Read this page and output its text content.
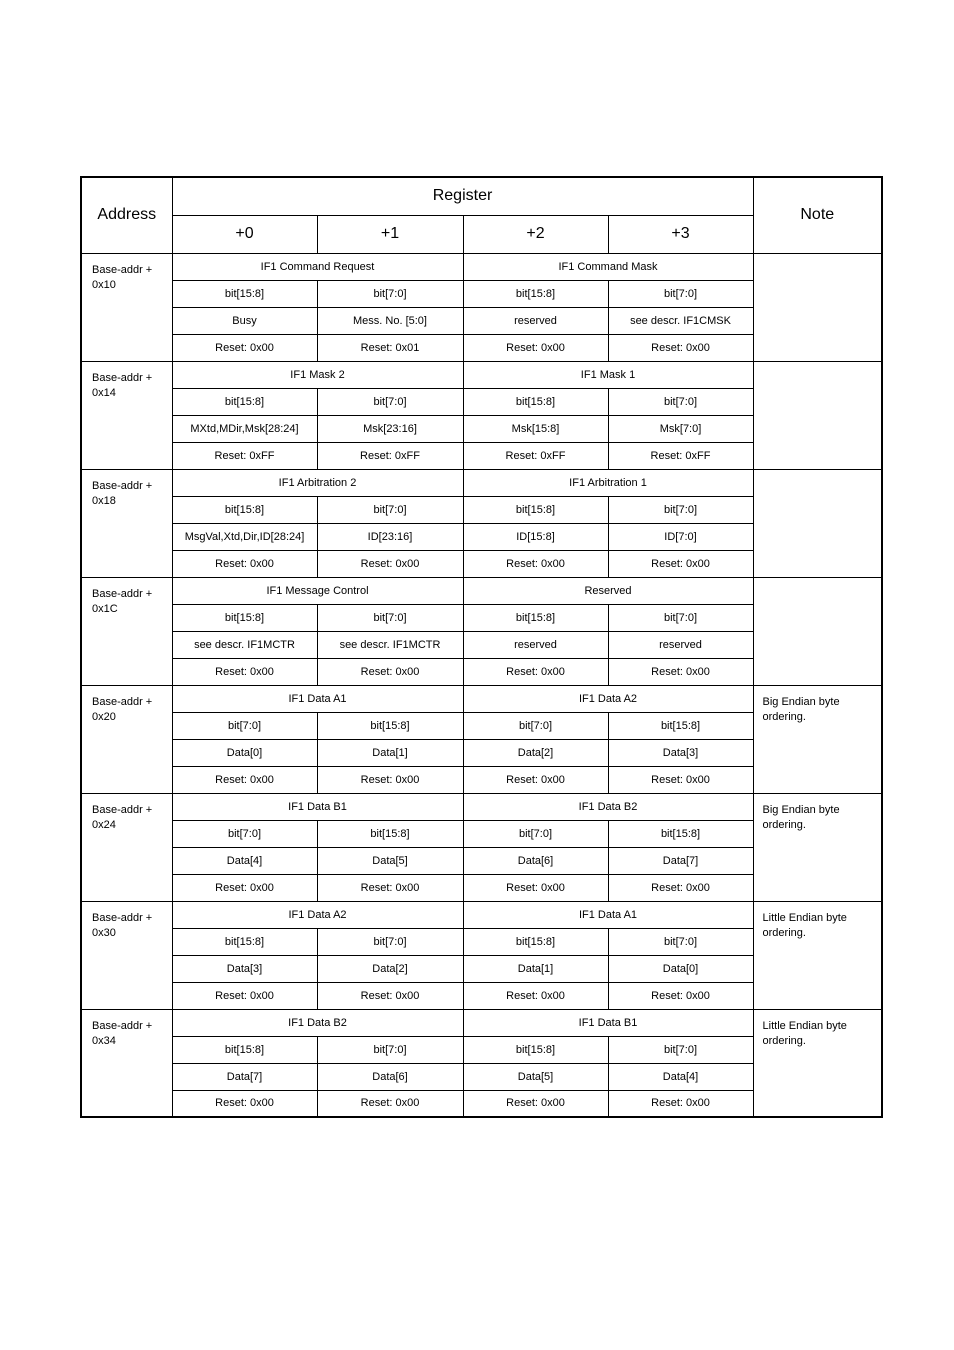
Address	Register				Note
	+0	+1	+2	+3	

Base-addr +
0x10	IF1 Command Request		IF1 Command Mask		
	bit[15:8]	bit[7:0]	bit[15:8]	bit[7:0]	
	Busy	Mess. No. [5:0]	reserved	see descr. IF1CMSK	
	Reset: 0x00	Reset: 0x01	Reset: 0x00	Reset: 0x00	

Base-addr +
0x14	IF1 Mask 2		IF1 Mask 1		
	bit[15:8]	bit[7:0]	bit[15:8]	bit[7:0]	
	MXtd,MDir,Msk[28:24]	Msk[23:16]	Msk[15:8]	Msk[7:0]	
	Reset: 0xFF	Reset: 0xFF	Reset: 0xFF	Reset: 0xFF	

Base-addr +
0x18	IF1 Arbitration 2		IF1 Arbitration 1		
	bit[15:8]	bit[7:0]	bit[15:8]	bit[7:0]	
	MsgVal,Xtd,Dir,ID[28:24]	ID[23:16]	ID[15:8]	ID[7:0]	
	Reset: 0x00	Reset: 0x00	Reset: 0x00	Reset: 0x00	

Base-addr +
0x1C	IF1 Message Control		Reserved		
	bit[15:8]	bit[7:0]	bit[15:8]	bit[7:0]	
	see descr. IF1MCTR	see descr. IF1MCTR	reserved	reserved	
	Reset: 0x00	Reset: 0x00	Reset: 0x00	Reset: 0x00	

Base-addr +
0x20	IF1 Data A1		IF1 Data A2		Big Endian byte ordering.
	bit[7:0]	bit[15:8]	bit[7:0]	bit[15:8]	
	Data[0]	Data[1]	Data[2]	Data[3]	
	Reset: 0x00	Reset: 0x00	Reset: 0x00	Reset: 0x00	

Base-addr +
0x24	IF1 Data B1		IF1 Data B2		Big Endian byte ordering.
	bit[7:0]	bit[15:8]	bit[7:0]	bit[15:8]	
	Data[4]	Data[5]	Data[6]	Data[7]	
	Reset: 0x00	Reset: 0x00	Reset: 0x00	Reset: 0x00	

Base-addr +
0x30	IF1 Data A2		IF1 Data A1		Little Endian byte ordering.
	bit[15:8]	bit[7:0]	bit[15:8]	bit[7:0]	
	Data[3]	Data[2]	Data[1]	Data[0]	
	Reset: 0x00	Reset: 0x00	Reset: 0x00	Reset: 0x00	

Base-addr +
0x34	IF1 Data B2		IF1 Data B1		Little Endian byte ordering.
	bit[15:8]	bit[7:0]	bit[15:8]	bit[7:0]	
	Data[7]	Data[6]	Data[5]	Data[4]	
	Reset: 0x00	Reset: 0x00	Reset: 0x00	Reset: 0x00	
